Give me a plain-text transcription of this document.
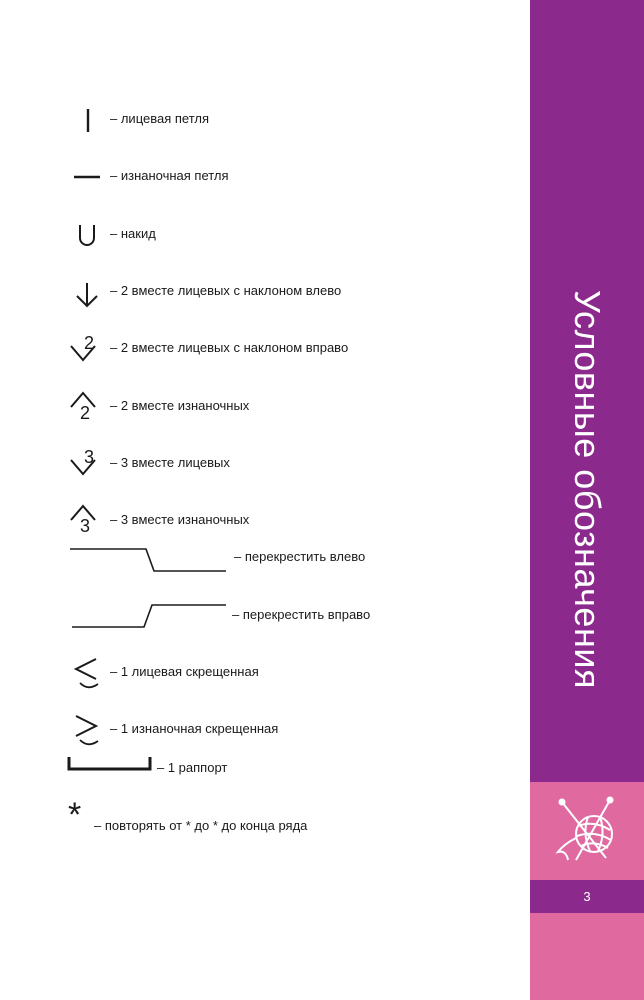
– лицевая петля
– изнаночная петля
– накид
– 2 вместе лицевых с наклоном влево
2 – 2 вместе лицевых с наклоном вправо
2 – 2 вместе изнаночных
3 – 3 вместе лицевых
3 – 3 вместе изнаночных
– перекрестить влево
– перекрестить вправо
– 1 лицевая скрещенная
– 1 изнаночная скрещенная
– 1 раппорт
* – повторять от * до * до конца ряда
Условные обозначения
3
